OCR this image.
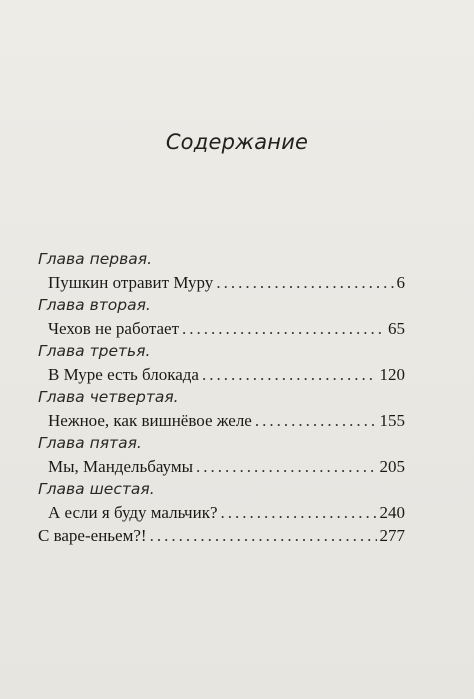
Содержание
Глава первая.
Пушкин отравит Муру .....	6
Глава вторая.
Чехов не работает .....	65
Глава третья.
В Муре есть блокада .....	120
Глава четвертая.
Нежное, как вишнёвое желе .....	155
Глава пятая.
Мы, Мандельбаумы .....	205
Глава шестая.
А если я буду мальчик? .....	240
С варе-еньем?! .....	277
